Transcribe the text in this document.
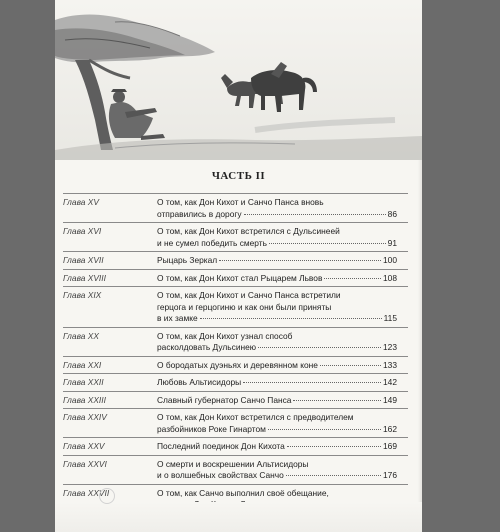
ЧАСТЬ II
Глава XV	О том, как Дон Кихот и Санчо Панса вновь
отправились в дорогу	86
Глава XVI	О том, как Дон Кихот встретился с Дульсинеей
и не сумел победить смерть	91
Глава XVII	Рыцарь Зеркал	100
Глава XVIII	О том, как Дон Кихот стал Рыцарем Львов	108
Глава XIX	О том, как Дон Кихот и Санчо Панса встретили
герцога и герцогиню и как они были приняты
в их замке	115
Глава XX	О том, как Дон Кихот узнал способ
расколдовать Дульсинею	123
Глава XXI	О бородатых дуэньях и деревянном коне	133
Глава XXII	Любовь Альтисидоры	142
Глава XXIII	Славный губернатор Санчо Панса	149
Глава XXIV	О том, как Дон Кихот встретился с предводителем
разбойников Роке Гинартом	162
Глава XXV	Последний поединок Дон Кихота	169
Глава XXVI	О смерти и воскрешении Альтисидоры
и о волшебных свойствах Санчо	176
Глава XXVII	О том, как Санчо выполнил своё обещание,
